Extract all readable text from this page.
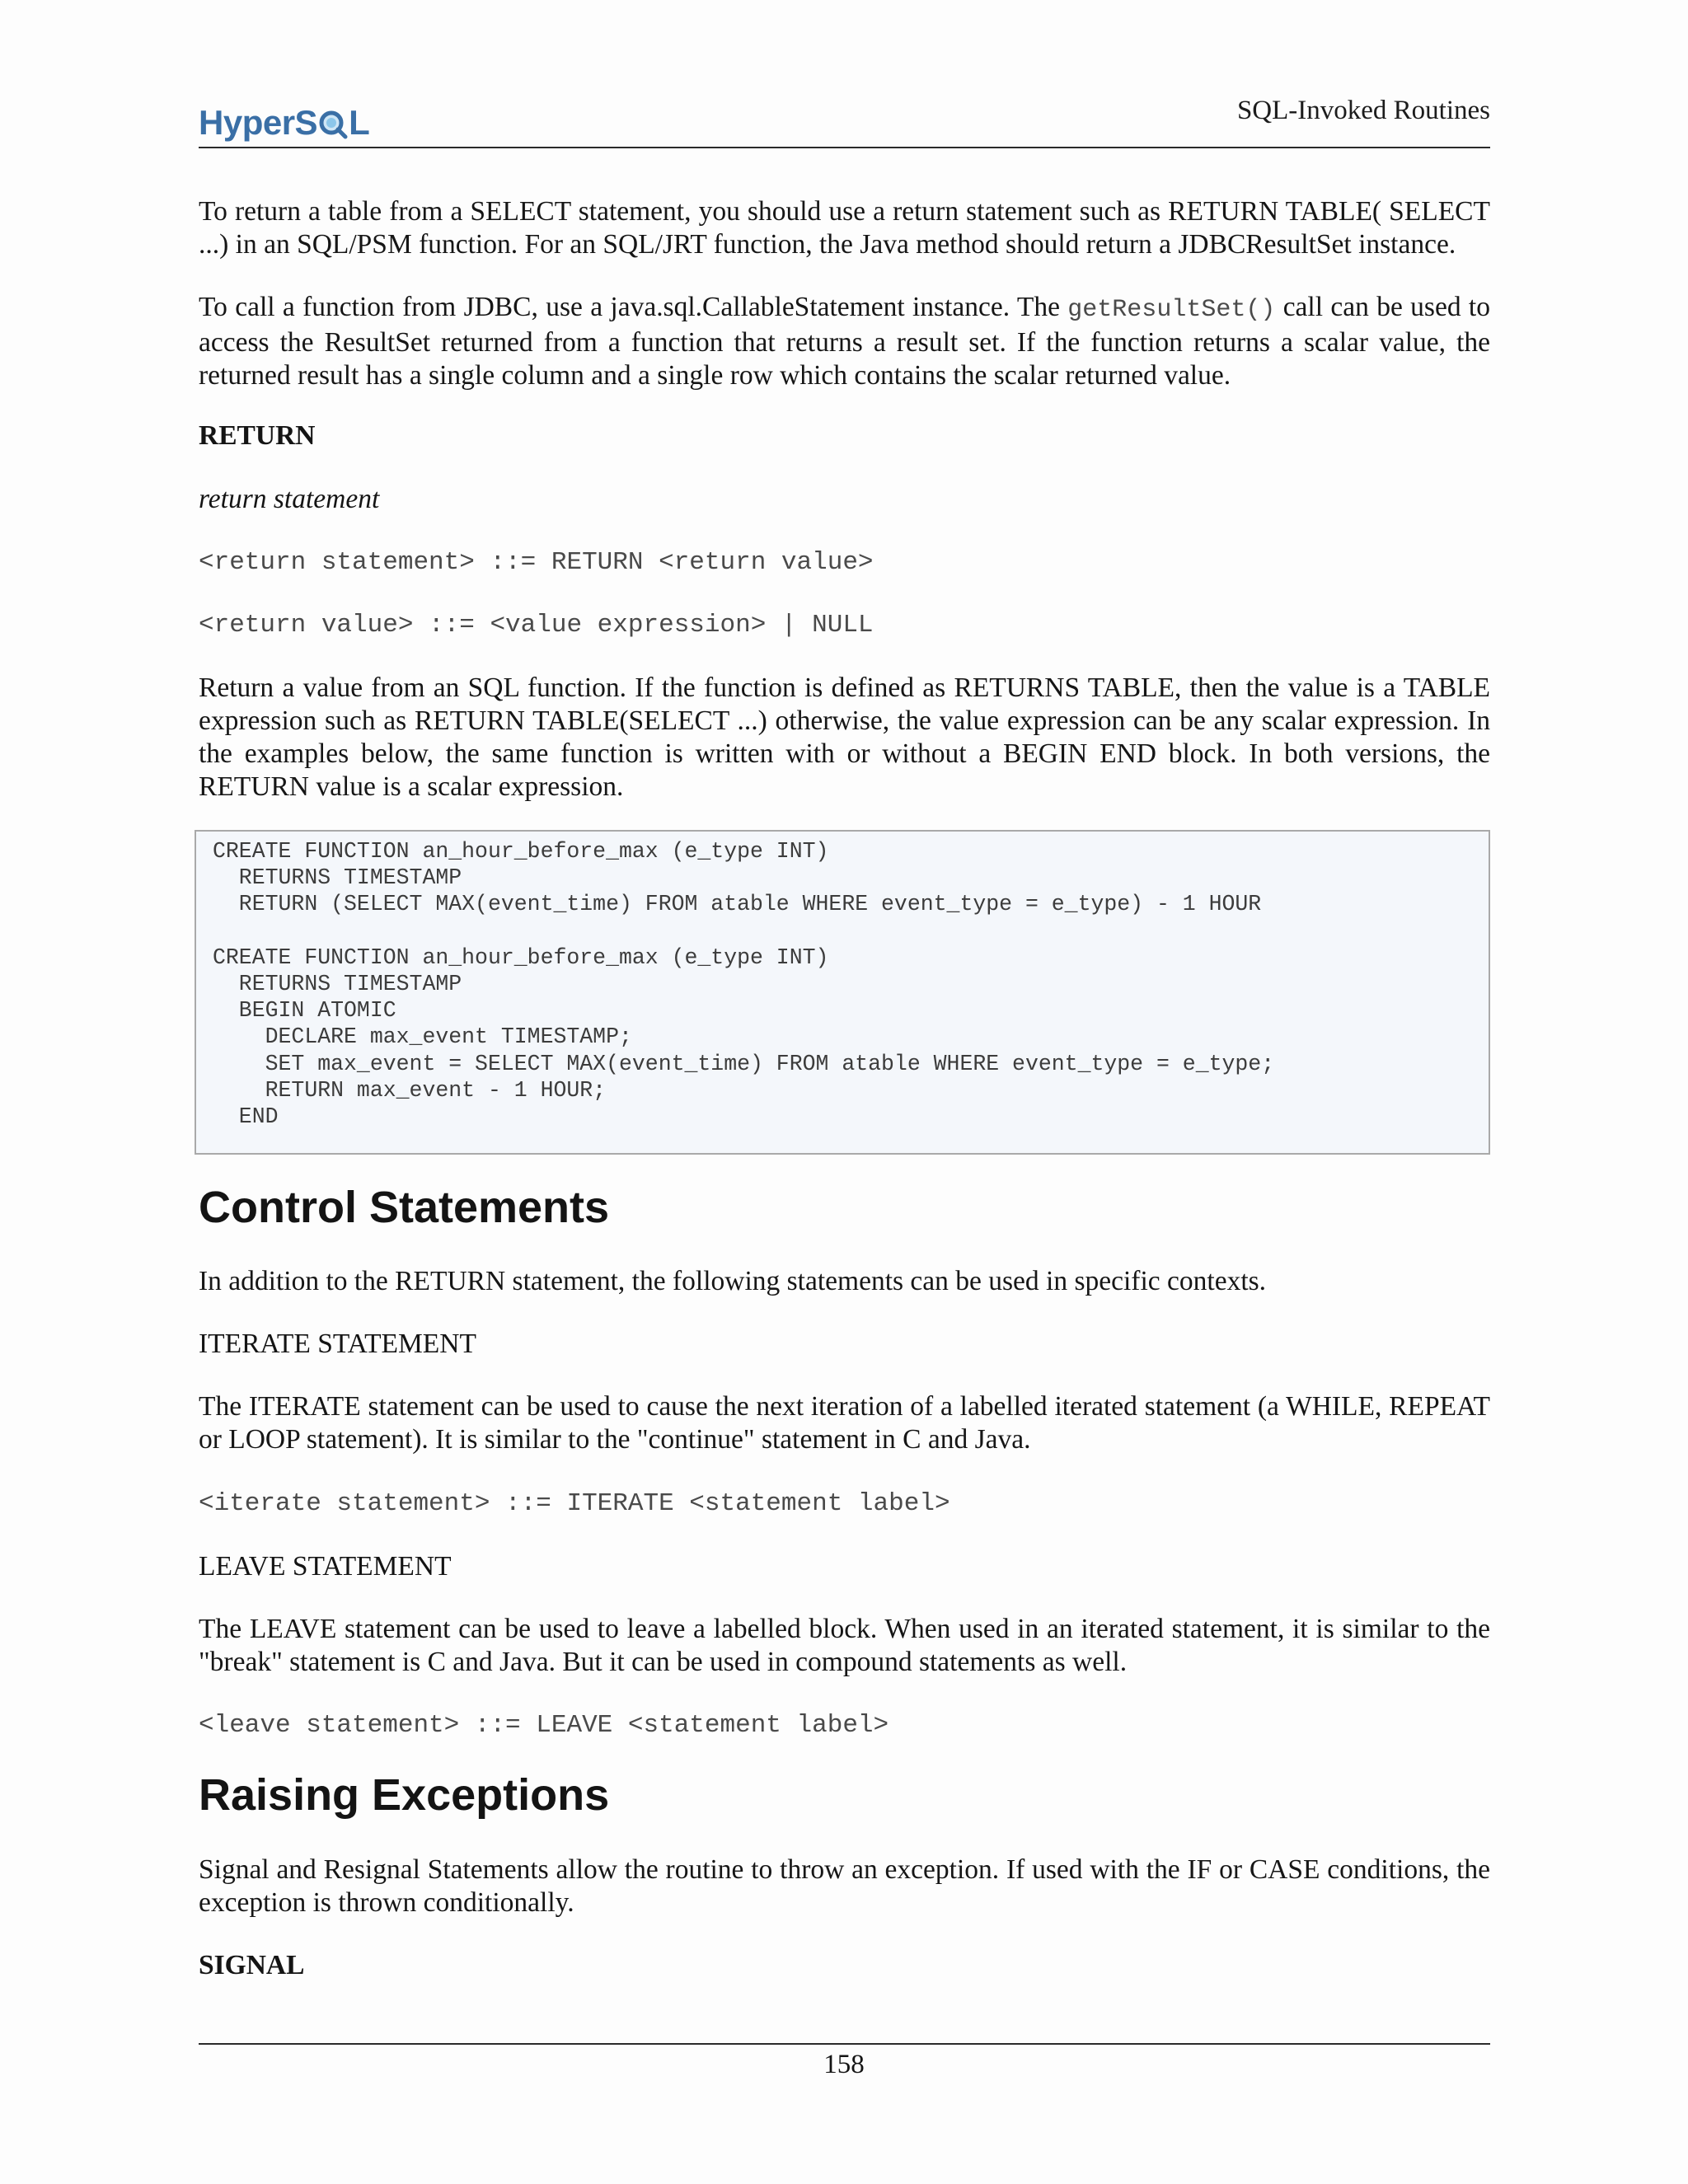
HyperS L	SQL-Invoked Routines

To return a table from a SELECT statement, you should use a return statement such as RETURN TABLE( SELECT ...) in an SQL/PSM function. For an SQL/JRT function, the Java method should return a JDBCResultSet instance.

To call a function from JDBC, use a java.sql.CallableStatement instance. The getResultSet() call can be used to access the ResultSet returned from a function that returns a result set. If the function returns a scalar value, the returned result has a single column and a single row which contains the scalar returned value.

RETURN

return statement

<return statement> ::= RETURN <return value>

<return value> ::= <value expression> | NULL

Return a value from an SQL function. If the function is defined as RETURNS TABLE, then the value is a TABLE expression such as RETURN TABLE(SELECT ...) otherwise, the value expression can be any scalar expression. In the examples below, the same function is written with or without a BEGIN END block. In both versions, the RETURN value is a scalar expression.

CREATE FUNCTION an_hour_before_max (e_type INT)
RETURNS TIMESTAMP
RETURN (SELECT MAX(event_time) FROM atable WHERE event_type = e_type) - 1 HOUR

CREATE FUNCTION an_hour_before_max (e_type INT)
RETURNS TIMESTAMP
BEGIN ATOMIC
DECLARE max_event TIMESTAMP;
SET max_event = SELECT MAX(event_time) FROM atable WHERE event_type = e_type;
RETURN max_event - 1 HOUR;
END
Control Statements

In addition to the RETURN statement, the following statements can be used in specific contexts.

ITERATE STATEMENT

The ITERATE statement can be used to cause the next iteration of a labelled iterated statement (a WHILE, REPEAT or LOOP statement). It is similar to the "continue" statement in C and Java.

<iterate statement> ::= ITERATE <statement label>

LEAVE STATEMENT

The LEAVE statement can be used to leave a labelled block. When used in an iterated statement, it is similar to the "break" statement is C and Java. But it can be used in compound statements as well.

<leave statement> ::= LEAVE <statement label>

Raising Exceptions

Signal and Resignal Statements allow the routine to throw an exception. If used with the IF or CASE conditions, the exception is thrown conditionally.

SIGNAL

158
